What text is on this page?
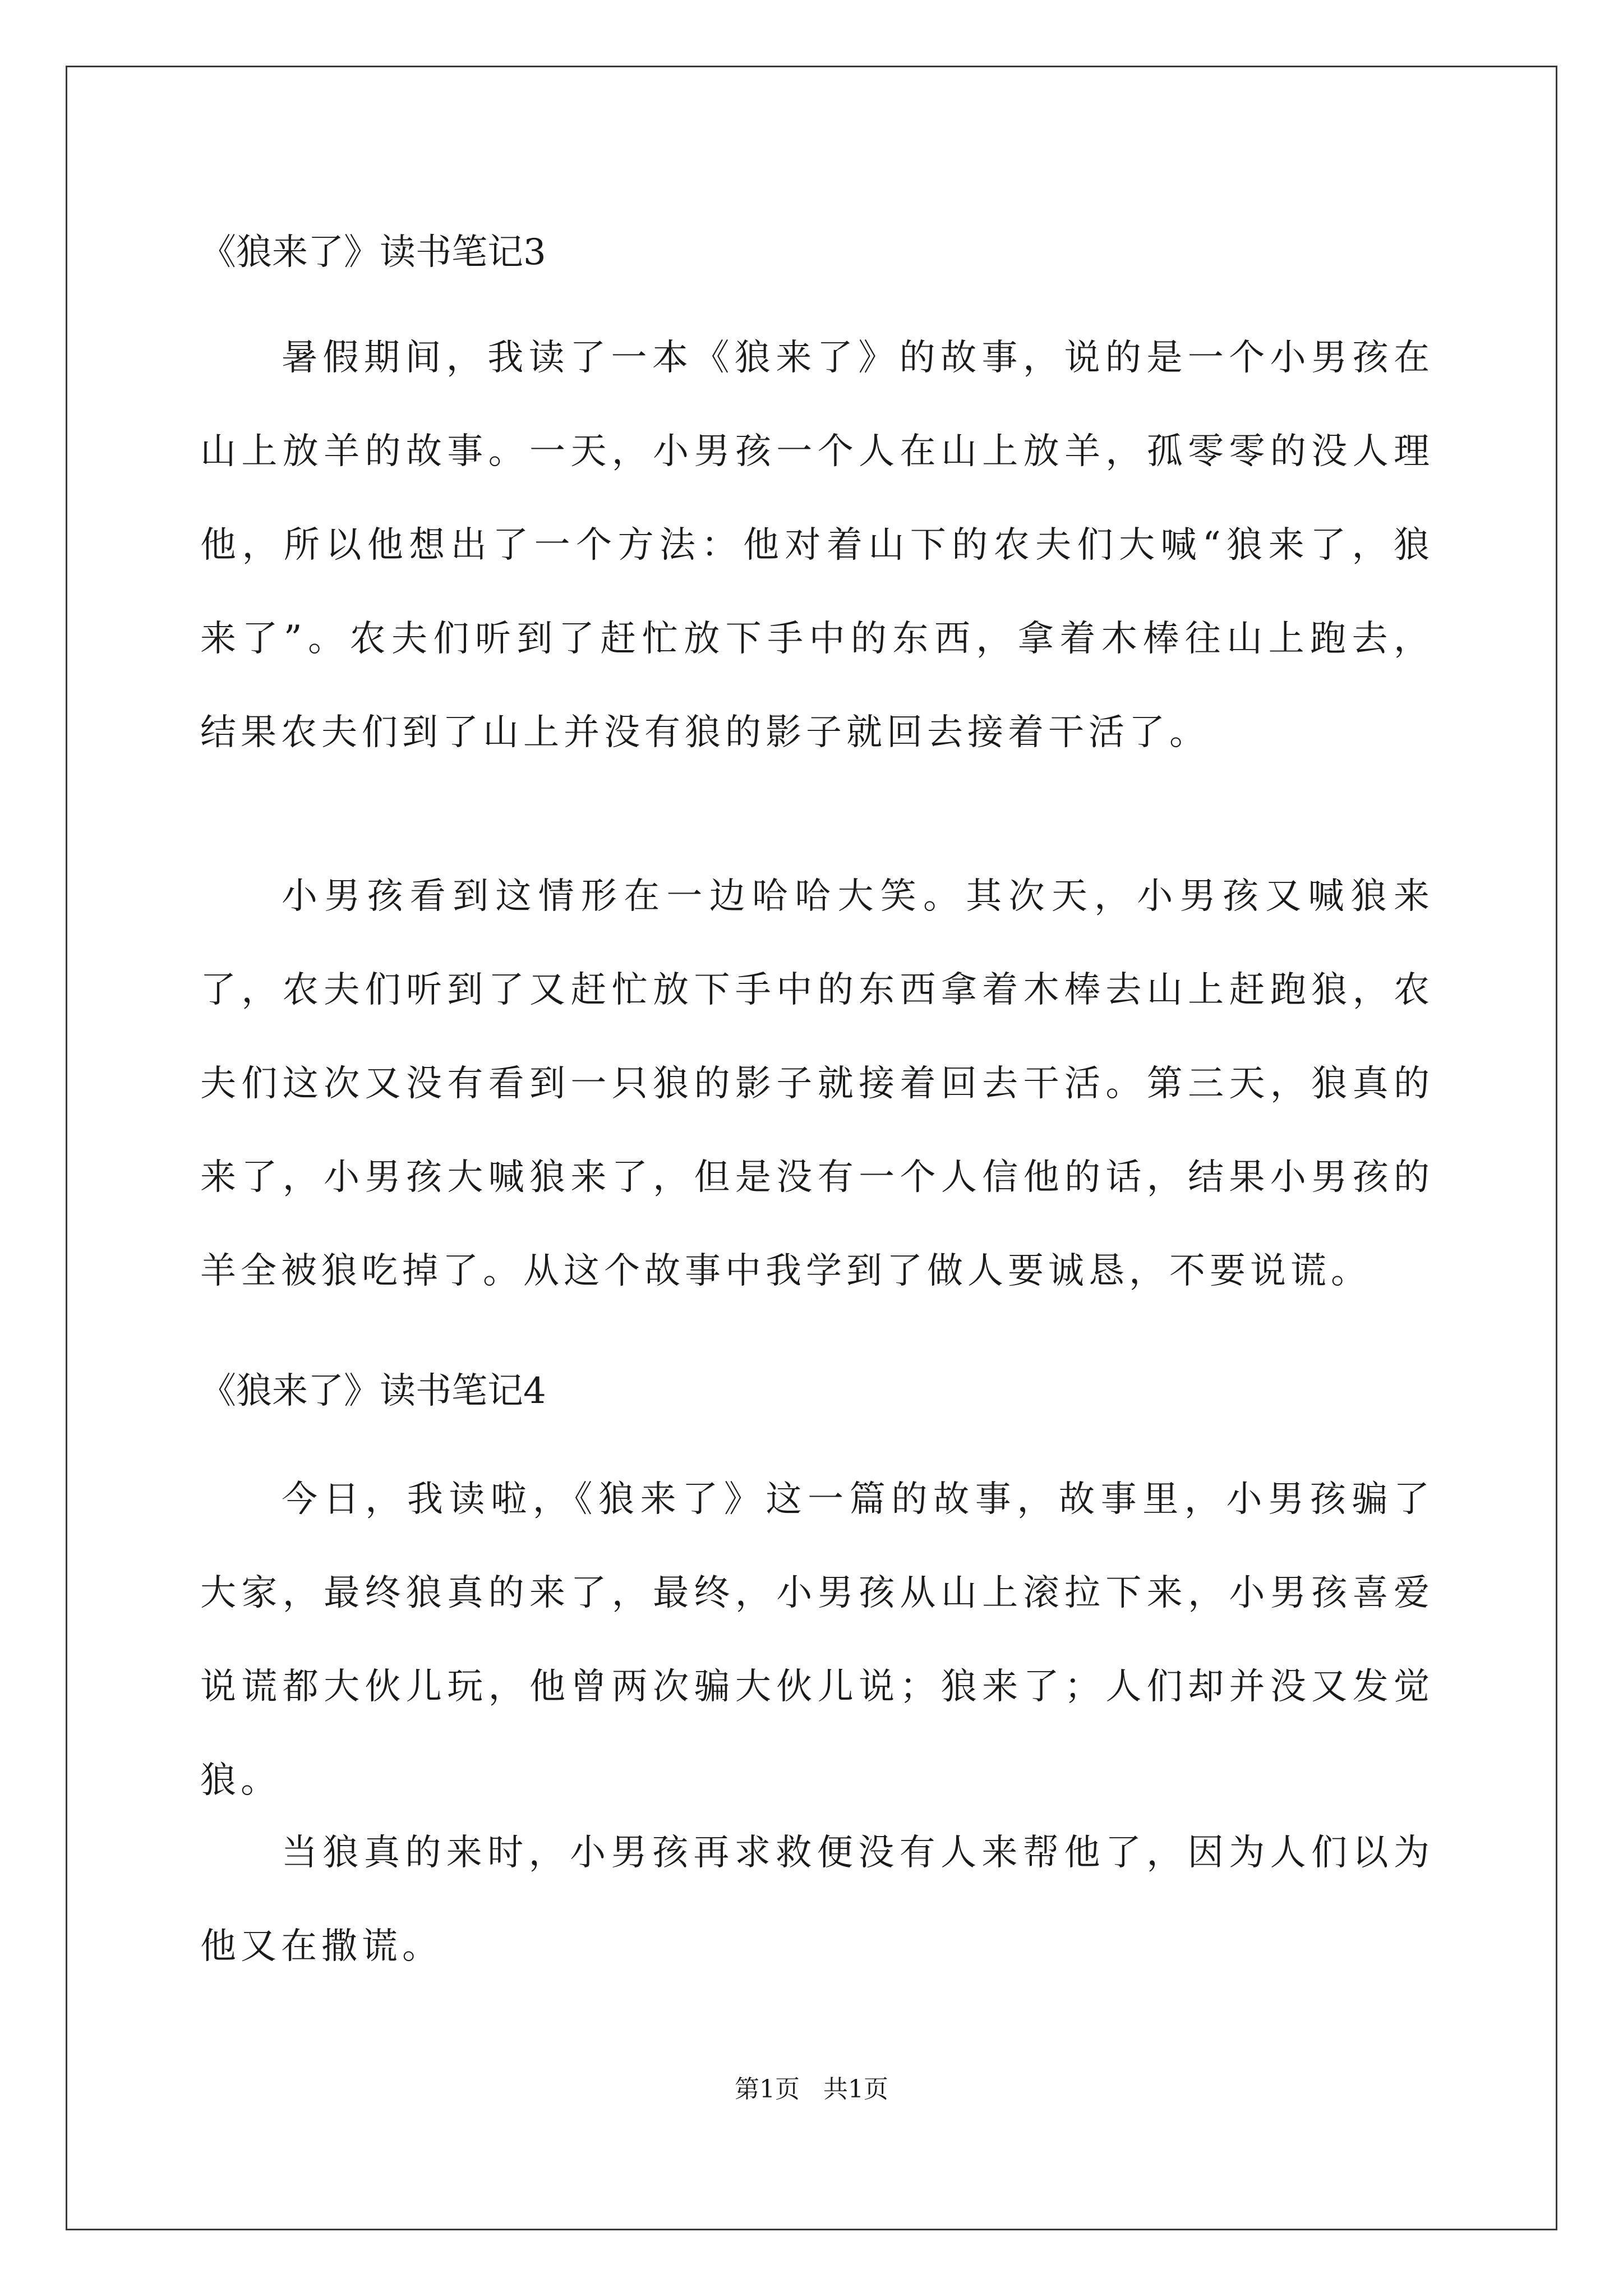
《狼来了》读书笔记3

暑假期间，我读了一本《狼来了》的故事，说的是一个小男孩在山上放羊的故事。一天，小男孩一个人在山上放羊，孤零零的没人理他，所以他想出了一个方法：他对着山下的农夫们大喊“狼来了，狼来了”。农夫们听到了赶忙放下手中的东西，拿着木棒往山上跑去，结果农夫们到了山上并没有狼的影子就回去接着干活了。

小男孩看到这情形在一边哈哈大笑。其次天，小男孩又喊狼来了，农夫们听到了又赶忙放下手中的东西拿着木棒去山上赶跑狼，农夫们这次又没有看到一只狼的影子就接着回去干活。第三天，狼真的来了，小男孩大喊狼来了，但是没有一个人信他的话，结果小男孩的羊全被狼吃掉了。从这个故事中我学到了做人要诚恳，不要说谎。

《狼来了》读书笔记4

今日，我读啦，《狼来了》这一篇的故事，故事里，小男孩骗了大家，最终狼真的来了，最终，小男孩从山上滚拉下来，小男孩喜爱说谎都大伙儿玩，他曾两次骗大伙儿说；狼来了；人们却并没又发觉狼。

当狼真的来时，小男孩再求救便没有人来帮他了，因为人们以为他又在撒谎。

第1页   共1页
